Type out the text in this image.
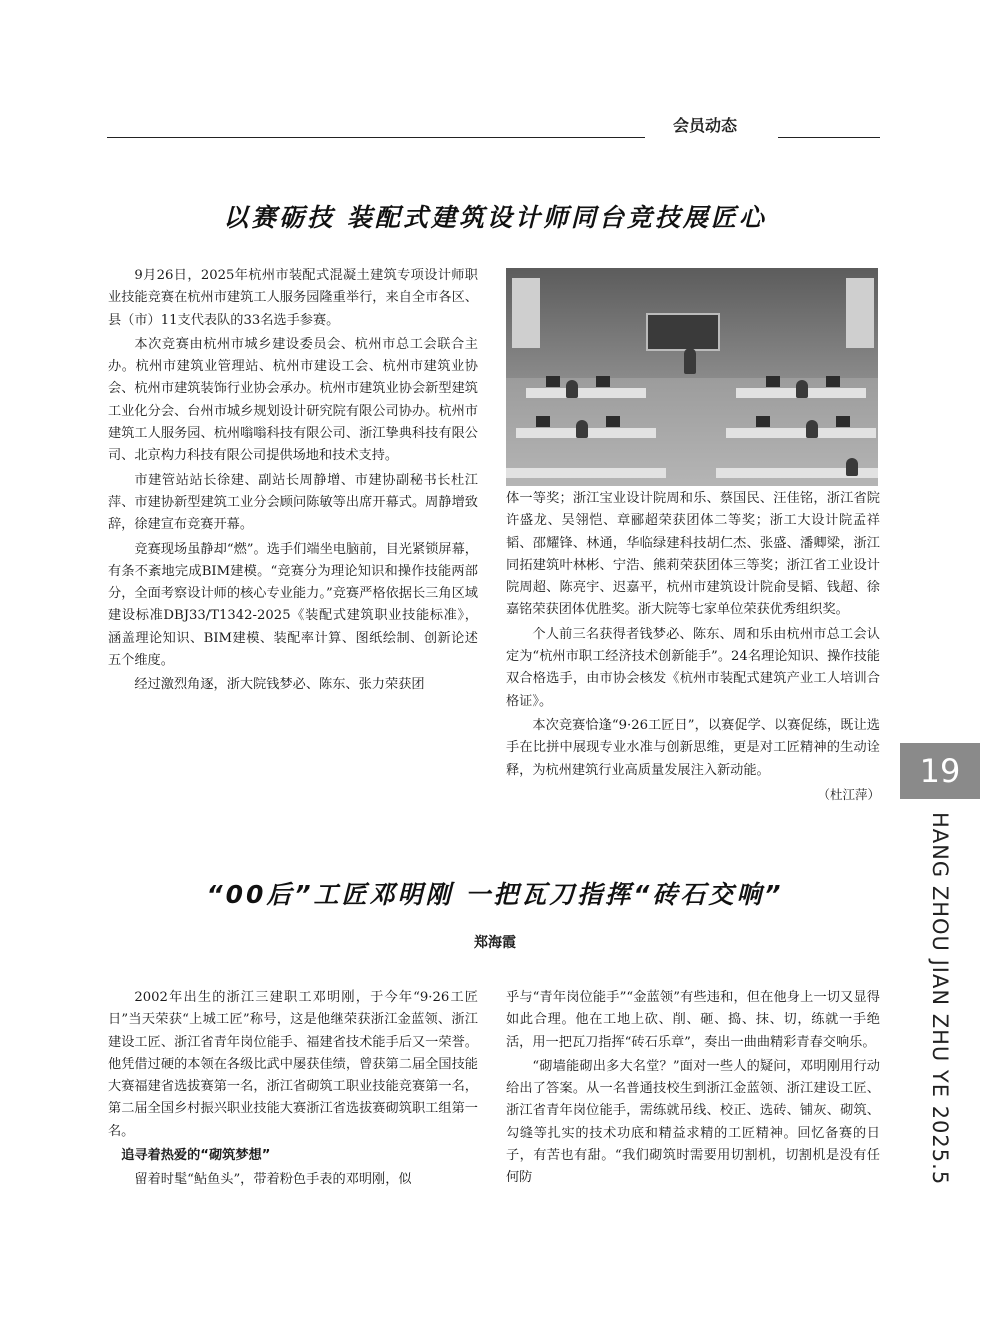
会员动态
以赛砺技 装配式建筑设计师同台竞技展匠心

9月26日，2025年杭州市装配式混凝土建筑专项设计师职业技能竞赛在杭州市建筑工人服务园隆重举行，来自全市各区、县（市）11支代表队的33名选手参赛。

本次竞赛由杭州市城乡建设委员会、杭州市总工会联合主办。杭州市建筑业管理站、杭州市建设工会、杭州市建筑业协会、杭州市建筑装饰行业协会承办。杭州市建筑业协会新型建筑工业化分会、台州市城乡规划设计研究院有限公司协办。杭州市建筑工人服务园、杭州嗡嗡科技有限公司、浙江挚典科技有限公司、北京构力科技有限公司提供场地和技术支持。

市建管站站长徐建、副站长周静增、市建协副秘书长杜江萍、市建协新型建筑工业分会顾问陈敏等出席开幕式。周静增致辞，徐建宣布竞赛开幕。

竞赛现场虽静却“燃”。选手们端坐电脑前，目光紧锁屏幕，有条不紊地完成BIM建模。“竞赛分为理论知识和操作技能两部分，全面考察设计师的核心专业能力。”竞赛严格依据长三角区域建设标准DBJ33/T1342-2025《装配式建筑职业技能标准》，涵盖理论知识、BIM建模、装配率计算、图纸绘制、创新论述五个维度。

经过激烈角逐，浙大院钱梦必、陈东、张力荣获团

体一等奖；浙江宝业设计院周和乐、蔡国民、汪佳铭，浙江省院许盛龙、吴翎恺、章郦超荣获团体二等奖；浙工大设计院孟祥韬、邵耀锋、林通，华临绿建科技胡仁杰、张盛、潘卿梁，浙江同拓建筑叶林彬、宁浩、熊莉荣获团体三等奖；浙江省工业设计院周超、陈亮宇、迟嘉平，杭州市建筑设计院俞旻韬、钱超、徐嘉铭荣获团体优胜奖。浙大院等七家单位荣获优秀组织奖。

个人前三名获得者钱梦必、陈东、周和乐由杭州市总工会认定为“杭州市职工经济技术创新能手”。24名理论知识、操作技能双合格选手，由市协会核发《杭州市装配式建筑产业工人培训合格证》。

本次竞赛恰逢“9·26工匠日”，以赛促学、以赛促练，既让选手在比拼中展现专业水准与创新思维，更是对工匠精神的生动诠释，为杭州建筑行业高质量发展注入新动能。

（杜江萍）

“00后”工匠邓明刚 一把瓦刀指挥“砖石交响”
郑海霞

2002年出生的浙江三建职工邓明刚，于今年“9·26工匠日”当天荣获“上城工匠”称号，这是他继荣获浙江金蓝领、浙江建设工匠、浙江省青年岗位能手、福建省技术能手后又一荣誉。他凭借过硬的本领在各级比武中屡获佳绩，曾获第二届全国技能大赛福建省选拔赛第一名，浙江省砌筑工职业技能竞赛第一名，第二届全国乡村振兴职业技能大赛浙江省选拔赛砌筑职工组第一名。

追寻着热爱的“砌筑梦想”

留着时髦“鲇鱼头”，带着粉色手表的邓明刚，似

乎与“青年岗位能手”“金蓝领”有些违和，但在他身上一切又显得如此合理。他在工地上砍、削、砸、捣、抹、切，练就一手绝活，用一把瓦刀指挥“砖石乐章”，奏出一曲曲精彩青春交响乐。

“砌墙能砌出多大名堂？”面对一些人的疑问，邓明刚用行动给出了答案。从一名普通技校生到浙江金蓝领、浙江建设工匠、浙江省青年岗位能手，需练就吊线、校正、选砖、铺灰、砌筑、勾缝等扎实的技术功底和精益求精的工匠精神。回忆备赛的日子，有苦也有甜。“我们砌筑时需要用切割机，切割机是没有任何防

19
HANG ZHOU JIAN ZHU YE 2025.5
